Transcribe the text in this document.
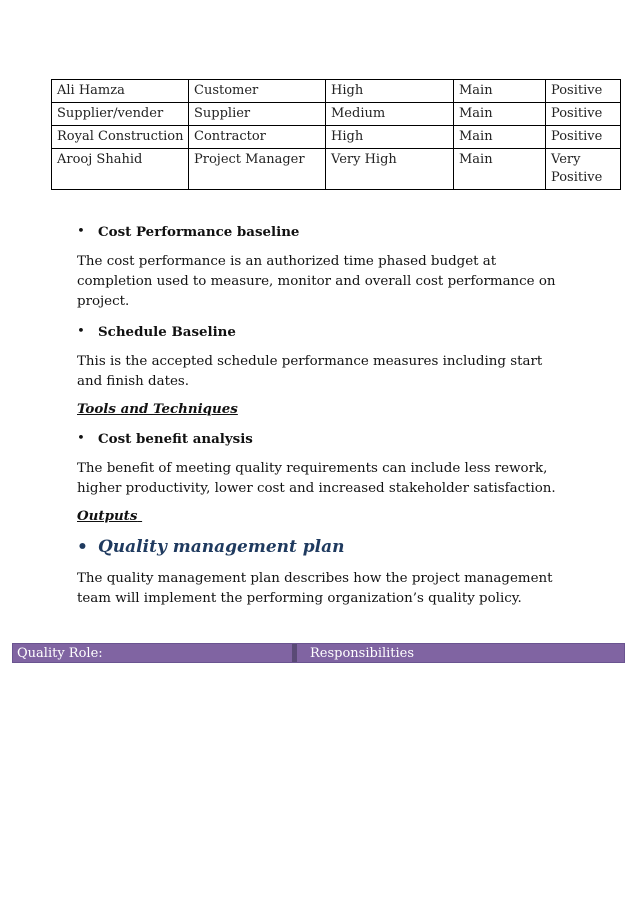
Ali Hamza	Customer	High	Main	Positive
Supplier/vender	Supplier	Medium	Main	Positive
Royal Construction	Contractor	High	Main	Positive
Arooj Shahid	Project Manager	Very High	Main	Very Positive

• Cost Performance baseline

The cost performance is an authorized time phased budget at completion used to measure, monitor and overall cost performance on project.

• Schedule Baseline

This is the accepted schedule performance measures including start and finish dates.

Tools and Techniques

• Cost benefit analysis

The benefit of meeting quality requirements can include less rework, higher productivity, lower cost and increased stakeholder satisfaction.

Outputs

• Quality management plan

The quality management plan describes how the project management team will implement the performing organization’s quality policy.

Quality Role:	Responsibilities
